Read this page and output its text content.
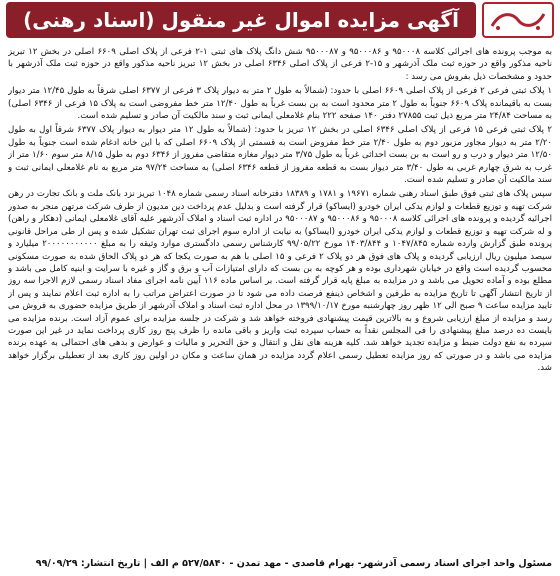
آگهی مزایده اموال غیر منقول (اسناد رهنی)

به موجب پرونده های اجرائی کلاسه ۹۵۰۰۰۸ و ۹۵۰۰۰۸۶ و ۹۵۰۰۰۸۷ شش دانگ پلاک های ثبتی ۱-۲ فرعی از پلاک اصلی ۶۶۰۹ اصلی در بخش ۱۲ تبریز ناحیه مذکور واقع در حوزه ثبت ملک آذرشهر و ۱۵-۲ فرعی از پلاک اصلی ۶۳۴۶ اصلی در بخش ۱۲ تبریز ناحیه مذکور واقع در حوزه ثبت ملک آذرشهر با حدود و مشخصات ذیل بفروش می رسد :

۱ پلاک ثبتی فرعی ۲ فرعی از پلاک اصلی ۶۶۰۹ اصلی با حدود: (شمالاً به طول ۲ متر به دیوار پلاک ۳ فرعی از ۶۳۷۷ اصلی شرقاً به طول ۱۲/۴۵ متر دیوار بست به باقیمانده پلاک ۶۶۰۹ جنوباً به طول ۲ متر محدود است به بن بست غرباً به طول ۱۲/۴۰ متر خط مفروضی است به پلاک ۱۵ فرعی از ۶۳۴۶ اصلی) به مساحت ۲۴/۸۴ متر مربع ذیل ثبت ۲۷۸۵۵ دفتر ۱۴۰ صفحه ۲۲۲ بنام غلامعلی ایمانی ثبت و سند مالکیت آن صادر و تسلیم شده است.

۲ پلاک ثبتی فرعی ۱۵ فرعی از پلاک اصلی ۶۳۴۶ اصلی در بخش ۱۲ تبریز با حدود: (شمالاً به طول ۱۲ متر دیوار به دیوار پلاک ۶۳۷۷ شرقاً اول به طول ۲/۲۰ متر به دیوار مجاور مزبور دوم به طول ۲/۴۰ متر خط مفروض است به قسمتی از پلاک ۶۶۰۹ اصلی که با این خانه ادغام شده است جنوباً به طول ۱۲/۵۰ متر دیوار و درب و رو است به بن بست احداثی غرباً به طول ۳/۷۵ متر دیوار مغازه متقاضی مفروز از ۶۳۴۶ دوم به طول ۸/۱۵ متر سوم ۱/۶۰ متر از غرب به شرق چهارم غربی به طول ۳/۴۰ متر دیوار بست به قطعه مفروز از قطعه ۶۳۴۶ اصلی) به مساحت ۹۷/۲۴ متر مربع به نام غلامعلی ایمانی ثبت و سند مالکیت آن صادر و تسلیم شده است.

سپس پلاک های ثبتی فوق طبق اسناد رهنی شماره ۱۹۶۷۱ و ۱۷۸۱ و ۱۸۳۸۹ دفترخانه اسناد رسمی شماره ۱۰۴۸ تبریز نزد بانک ملت و بانک تجارت در رهن شرکت تهیه و توزیع قطعات و لوازم یدکی ایران خودرو (ایساکو) قرار گرفته است و بدلیل عدم پرداخت دین مدیون از طرف شرکت مرتهن منجر به صدور اجرائیه گردیده و پرونده های اجرائی کلاسه ۹۵۰۰۰۸ و ۹۵۰۰۰۸۶ و ۹۵۰۰۰۸۷ در اداره ثبت اسناد و املاک آذرشهر علیه آقای غلامعلی ایمانی (دهکار و راهن) و له شرکت تهیه و توزیع قطعات و لوازم یدکی ایران خودرو (ایساکو) به نیابت از اداره سوم اجرای ثبت تهران تشکیل شده و پس از طی مراحل قانونی پرونده طبق گزارش وارده شماره ۱۰۴۷/۸۴۵ و ۱۴۰۳/۸۴۴ مورخ ۹۹/۰۵/۲۲ کارشناس رسمی دادگستری موارد وثیقه را به مبلغ ۲۰۰۰۰۰۰۰۰۰۰۰ میلیارد و سیصد میلیون ریال ارزیابی گردیده و پلاک های فوق هر دو پلاک ۲ فرعی و ۱۵ اصلی با هم به صورت یکجا که هر دو پلاک الحاق شده به صورت مسکونی محسوب گردیده است واقع در خیابان شهرداری بوده و هر کوچه به بن بست که دارای امتیازات آب و برق و گاز و غیره با سرایت و ابنیه کامل می باشد و مطلع بوده و آماده تحویل می باشد و در مزایده به مبلغ پایه قرار گرفته است. بر اساس ماده ۱۱۶ آیین نامه اجرای مفاد اسناد رسمی لازم الاجرا سه روز از تاریخ انتشار آگهی تا تاریخ مزایده به طرفین و اشخاص ذینفع فرصت داده می شود تا در صورت اعتراض مراتب را به اداره ثبت اعلام نمایند و پس از تایید مزایده ساعت ۹ صبح الی ۱۲ ظهر روز چهارشنبه مورخ ۱۳۹۹/۱۰/۱۷ در محل اداره ثبت اسناد و املاک آذرشهر از طریق مزایده حضوری به فروش می رسد و مزایده از مبلغ ارزیابی شروع و به بالاترین قیمت پیشنهادی فروخته خواهد شد و شرکت در جلسه مزایده برای عموم آزاد است. برنده مزایده می بایست ده درصد مبلغ پیشنهادی را فی المجلس نقداً به حساب سپرده ثبت واریز و باقی مانده را ظرف پنج روز کاری پرداخت نماید در غیر این صورت سپرده به نفع دولت ضبط و مزایده تجدید خواهد شد. کلیه هزینه های نقل و انتقال و حق التحریر و مالیات و عوارض و بدهی های احتمالی به عهده برنده مزایده می باشد و در صورتی که روز مزایده تعطیل رسمی اعلام گردد مزایده در همان ساعت و مکان در اولین روز کاری بعد از تعطیلی برگزار خواهد شد.

مسئول واحد اجرای اسناد رسمی آذرشهر- بهرام قاصدی - مهد تمدن - ۵۲۷/۵۸۴۰ م الف | تاریخ انتشار: ۹۹/۰۹/۲۹
